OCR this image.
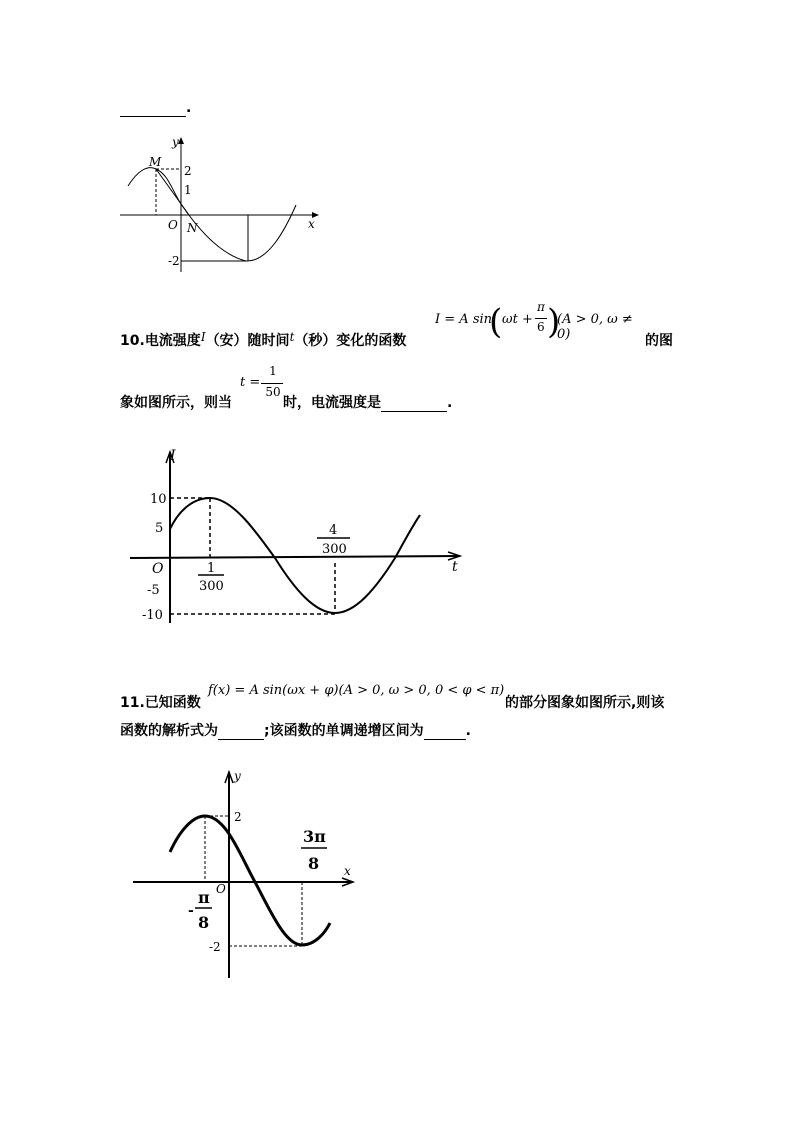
.
y
x
O
M
N
2
1
-2
10.电流强度I（安）随时间t（秒）变化的函数
I = A sin
( ωt +
π
6 )
(A > 0, ω ≠ 0)	的图
象如图所示，则当
t =
1
50
时，电流强度是	.
I
t
O
10
5
-5
-10
1
300
4
300
11.已知函数
f(x) = A sin(ωx + φ)(A > 0, ω > 0, 0 < φ < π)
的部分图象如图所示,则该
函数的解析式为	;该函数的单调递增区间为	.
y
x
O
2
-2
-
π
8
3π
8
